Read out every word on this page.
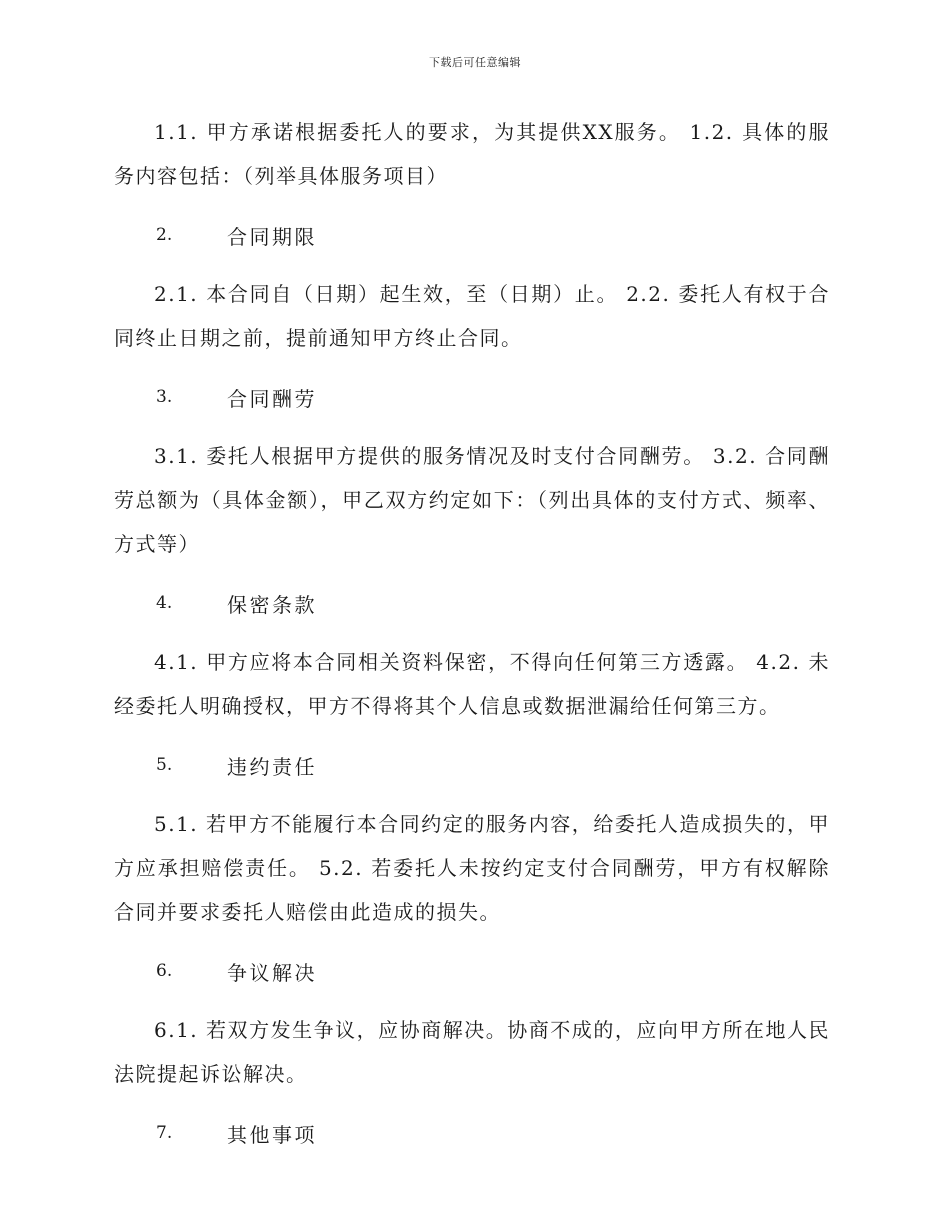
下载后可任意编辑

1.1. 甲方承诺根据委托人的要求，为其提供XX服务。 1.2. 具体的服务内容包括：（列举具体服务项目）

2.	合同期限

2.1. 本合同自（日期）起生效，至（日期）止。 2.2. 委托人有权于合同终止日期之前，提前通知甲方终止合同。

3.	合同酬劳

3.1. 委托人根据甲方提供的服务情况及时支付合同酬劳。 3.2. 合同酬劳总额为（具体金额），甲乙双方约定如下：（列出具体的支付方式、频率、方式等）

4.	保密条款

4.1. 甲方应将本合同相关资料保密，不得向任何第三方透露。 4.2. 未经委托人明确授权，甲方不得将其个人信息或数据泄漏给任何第三方。

5.	违约责任

5.1. 若甲方不能履行本合同约定的服务内容，给委托人造成损失的，甲方应承担赔偿责任。 5.2. 若委托人未按约定支付合同酬劳，甲方有权解除合同并要求委托人赔偿由此造成的损失。

6.	争议解决

6.1. 若双方发生争议，应协商解决。协商不成的，应向甲方所在地人民法院提起诉讼解决。

7.	其他事项
